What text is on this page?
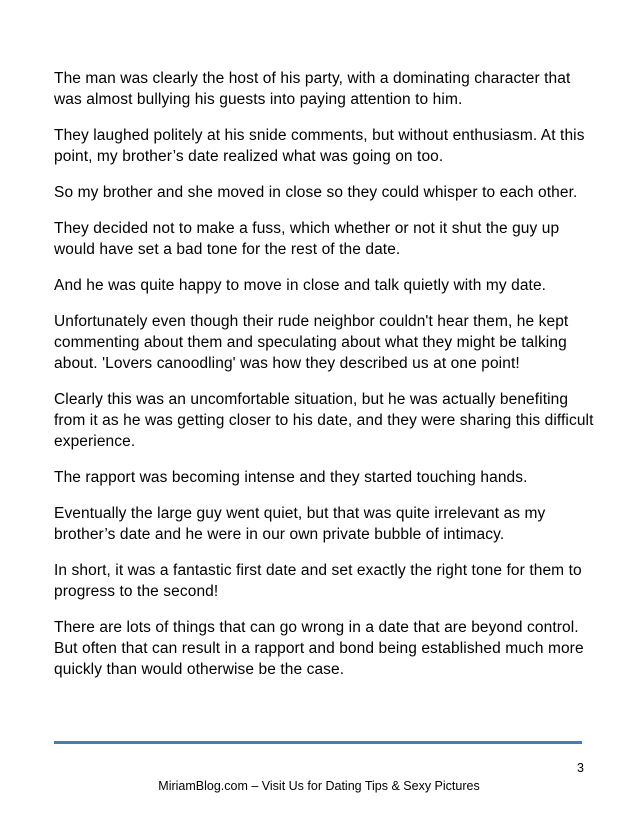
The man was clearly the host of his party, with a dominating character that was almost bullying his guests into paying attention to him.

They laughed politely at his snide comments, but without enthusiasm. At this point, my brother’s date realized what was going on too.

So my brother and she moved in close so they could whisper to each other.

They decided not to make a fuss, which whether or not it shut the guy up would have set a bad tone for the rest of the date.

And he was quite happy to move in close and talk quietly with my date.

Unfortunately even though their rude neighbor couldn't hear them, he kept commenting about them and speculating about what they might be talking about. 'Lovers canoodling' was how they described us at one point!

Clearly this was an uncomfortable situation, but he was actually benefiting from it as he was getting closer to his date, and they were sharing this difficult experience.

The rapport was becoming intense and they started touching hands.

Eventually the large guy went quiet, but that was quite irrelevant as my brother’s date and he were in our own private bubble of intimacy.

In short, it was a fantastic first date and set exactly the right tone for them to progress to the second!

There are lots of things that can go wrong in a date that are beyond control. But often that can result in a rapport and bond being established much more quickly than would otherwise be the case.

3
MiriamBlog.com – Visit Us for Dating Tips & Sexy Pictures
